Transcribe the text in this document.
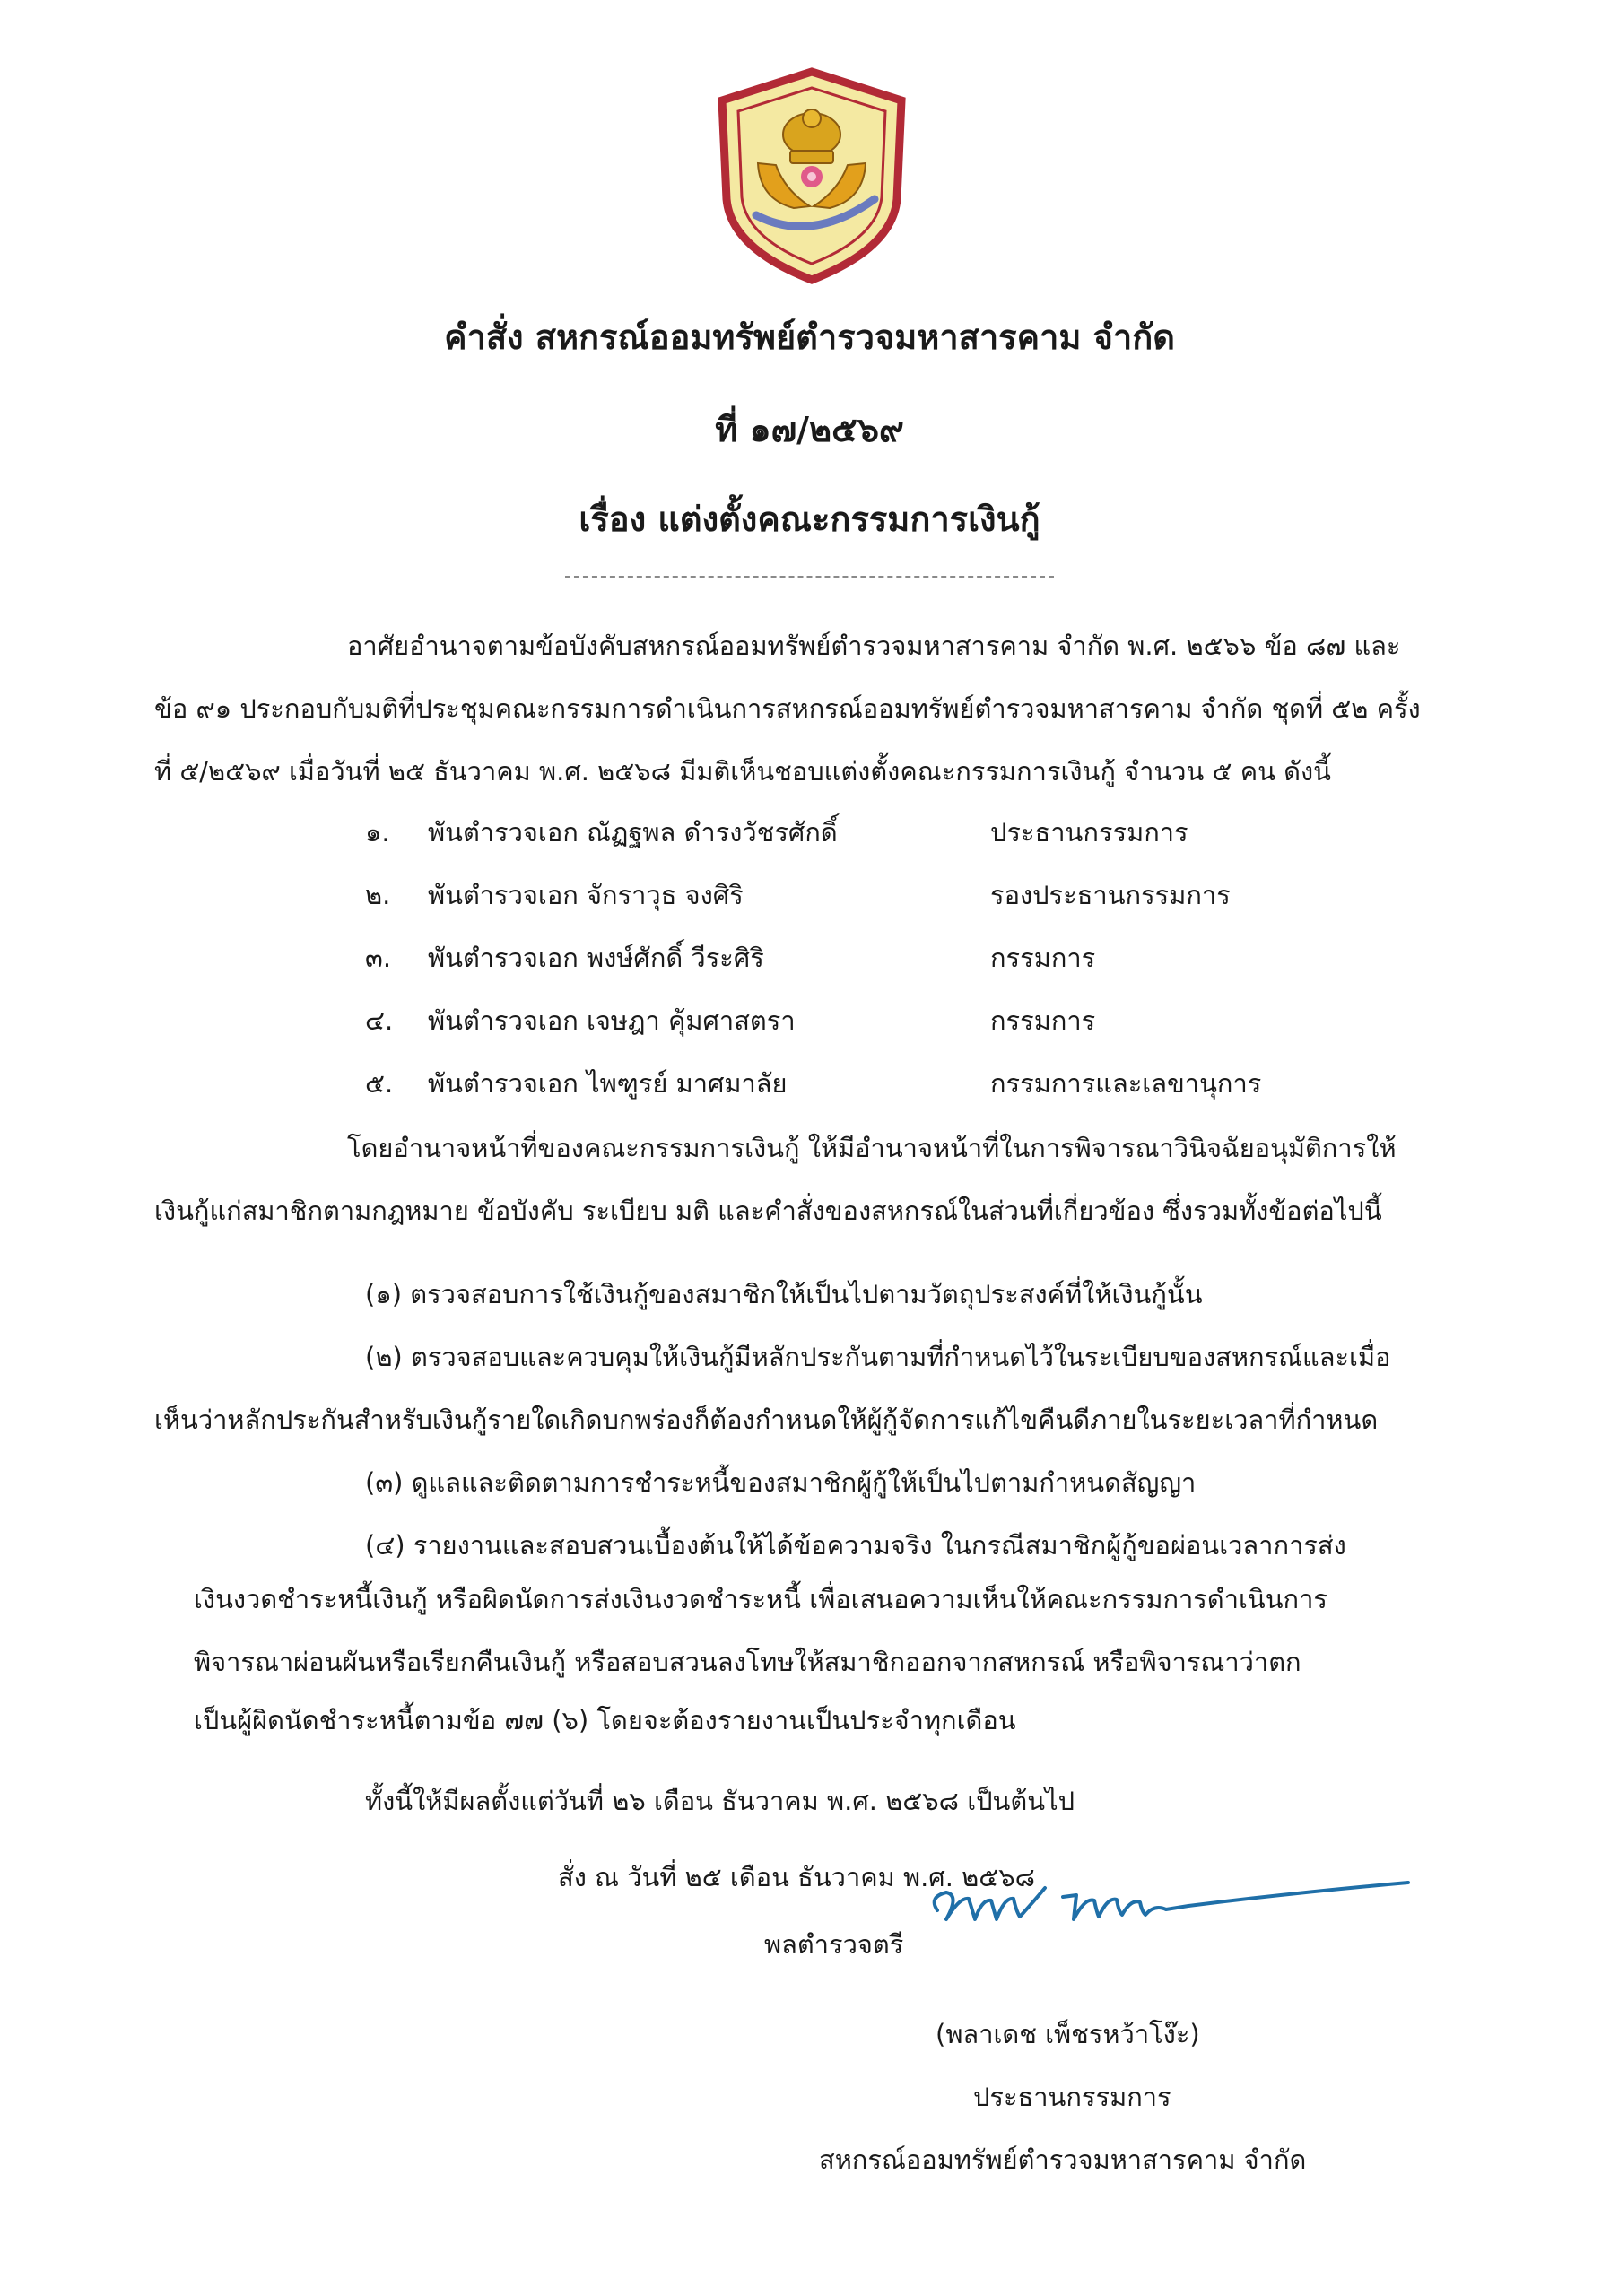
คำสั่ง สหกรณ์ออมทรัพย์ตำรวจมหาสารคาม จำกัด
ที่ ๑๗/๒๕๖๙
เรื่อง แต่งตั้งคณะกรรมการเงินกู้
อาศัยอำนาจตามข้อบังคับสหกรณ์ออมทรัพย์ตำรวจมหาสารคาม จำกัด พ.ศ. ๒๕๖๖ ข้อ ๘๗ และ
ข้อ ๙๑ ประกอบกับมติที่ประชุมคณะกรรมการดำเนินการสหกรณ์ออมทรัพย์ตำรวจมหาสารคาม จำกัด ชุดที่ ๕๒ ครั้ง
ที่ ๕/๒๕๖๙ เมื่อวันที่ ๒๕ ธันวาคม พ.ศ. ๒๕๖๘ มีมติเห็นชอบแต่งตั้งคณะกรรมการเงินกู้ จำนวน ๕ คน ดังนี้
๑. พันตำรวจเอก ณัฏฐพล ดำรงวัชรศักดิ์	ประธานกรรมการ
๒. พันตำรวจเอก จักราวุธ จงศิริ	รองประธานกรรมการ
๓. พันตำรวจเอก พงษ์ศักดิ์ วีระศิริ	กรรมการ
๔. พันตำรวจเอก เจษฎา คุ้มศาสตรา	กรรมการ
๕. พันตำรวจเอก ไพฑูรย์ มาศมาลัย	กรรมการและเลขานุการ
โดยอำนาจหน้าที่ของคณะกรรมการเงินกู้ ให้มีอำนาจหน้าที่ในการพิจารณาวินิจฉัยอนุมัติการให้
เงินกู้แก่สมาชิกตามกฎหมาย ข้อบังคับ ระเบียบ มติ และคำสั่งของสหกรณ์ในส่วนที่เกี่ยวข้อง ซึ่งรวมทั้งข้อต่อไปนี้
(๑) ตรวจสอบการใช้เงินกู้ของสมาชิกให้เป็นไปตามวัตถุประสงค์ที่ให้เงินกู้นั้น
(๒) ตรวจสอบและควบคุมให้เงินกู้มีหลักประกันตามที่กำหนดไว้ในระเบียบของสหกรณ์และเมื่อ
เห็นว่าหลักประกันสำหรับเงินกู้รายใดเกิดบกพร่องก็ต้องกำหนดให้ผู้กู้จัดการแก้ไขคืนดีภายในระยะเวลาที่กำหนด
(๓) ดูแลและติดตามการชำระหนี้ของสมาชิกผู้กู้ให้เป็นไปตามกำหนดสัญญา
(๔) รายงานและสอบสวนเบื้องต้นให้ได้ข้อความจริง ในกรณีสมาชิกผู้กู้ขอผ่อนเวลาการส่ง
เงินงวดชำระหนี้เงินกู้ หรือผิดนัดการส่งเงินงวดชำระหนี้ เพื่อเสนอความเห็นให้คณะกรรมการดำเนินการ
พิจารณาผ่อนผันหรือเรียกคืนเงินกู้ หรือสอบสวนลงโทษให้สมาชิกออกจากสหกรณ์ หรือพิจารณาว่าตก
เป็นผู้ผิดนัดชำระหนี้ตามข้อ ๗๗ (๖) โดยจะต้องรายงานเป็นประจำทุกเดือน
ทั้งนี้ให้มีผลตั้งแต่วันที่ ๒๖ เดือน ธันวาคม พ.ศ. ๒๕๖๘ เป็นต้นไป
สั่ง ณ วันที่ ๒๕ เดือน ธันวาคม พ.ศ. ๒๕๖๘
พลตำรวจตรี
(พลาเดช เพ็ชรหว้าโง๊ะ)
ประธานกรรมการ
สหกรณ์ออมทรัพย์ตำรวจมหาสารคาม จำกัด
